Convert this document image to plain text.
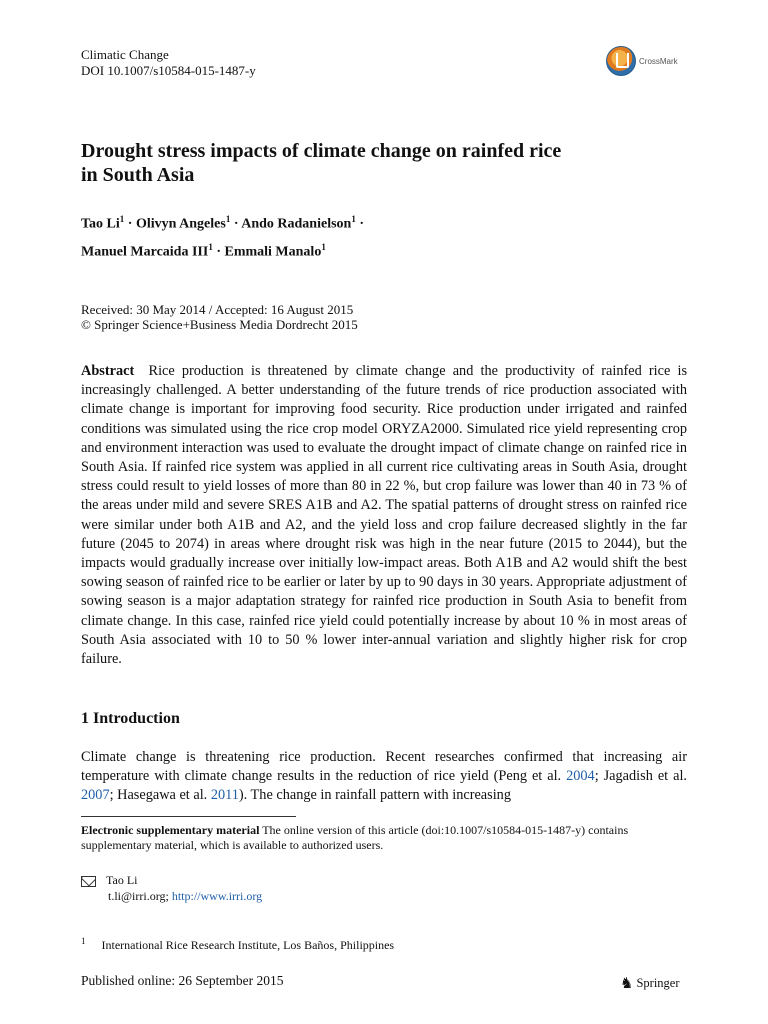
Climatic Change
DOI 10.1007/s10584-015-1487-y
CrossMark
Drought stress impacts of climate change on rainfed rice
in South Asia
Tao $Li^1$ · Olivyn Angeles$^1$ · Ando Radanielson$^1$ ·
Manuel Marcaida $III^1$ · Emmali Manalo$^1$
Received: 30 May 2014 / Accepted: 16 August 2015
© Springer Science+Business Media Dordrecht 2015
Abstract Rice production is threatened by climate change and the productivity of rainfed rice is increasingly challenged. A better understanding of the future trends of rice production associated with climate change is important for improving food security. Rice production under irrigated and rainfed conditions was simulated using the rice crop model ORYZA2000. Simulated rice yield representing crop and environment interaction was used to evaluate the drought impact of climate change on rainfed rice in South Asia. If rainfed rice system was applied in all current rice cultivating areas in South Asia, drought stress could result to yield losses of more than 80 in 22 %, but crop failure was lower than 40 in 73 % of the areas under mild and severe SRES A1B and A2. The spatial patterns of drought stress on rainfed rice were similar under both A1B and A2, and the yield loss and crop failure decreased slightly in the far future (2045 to 2074) in areas where drought risk was high in the near future (2015 to 2044), but the impacts would gradually increase over initially low-impact areas. Both A1B and A2 would shift the best sowing season of rainfed rice to be earlier or later by up to 90 days in 30 years. Appropriate adjustment of sowing season is a major adaptation strategy for rainfed rice production in South Asia to benefit from climate change. In this case, rainfed rice yield could potentially increase by about 10 % in most areas of South Asia associated with 10 to 50 % lower inter-annual variation and slightly higher risk for crop failure.
1 Introduction
Climate change is threatening rice production. Recent researches confirmed that increasing air temperature with climate change results in the reduction of rice yield (Peng et al. 2004; Jagadish et al. 2007; Hasegawa et al. 2011). The change in rainfall pattern with increasing
Electronic supplementary material The online version of this article (doi:10.1007/s10584-015-1487-y) contains supplementary material, which is available to authorized users.
Tao Li
t.li@irri.org; http://www.irri.org
$^1$ International Rice Research Institute, Los Baños, Philippines
Published online: 26 September 2015	♞ Springer
